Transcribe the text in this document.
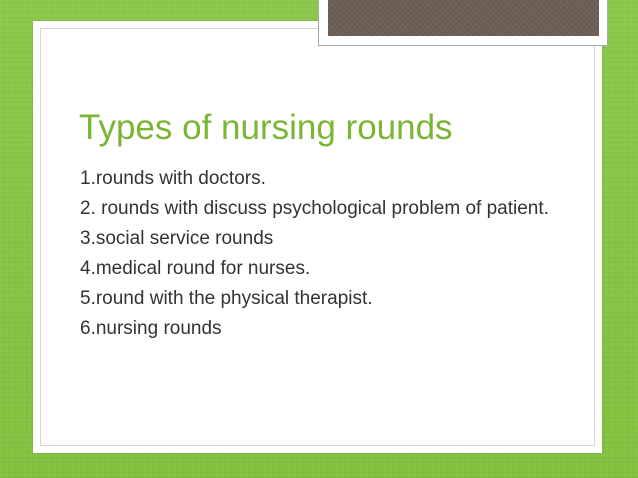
Types of nursing rounds
1.rounds with doctors.
2. rounds with discuss psychological problem of patient.
3.social service rounds
4.medical round for nurses.
5.round with the physical therapist.
6.nursing rounds
